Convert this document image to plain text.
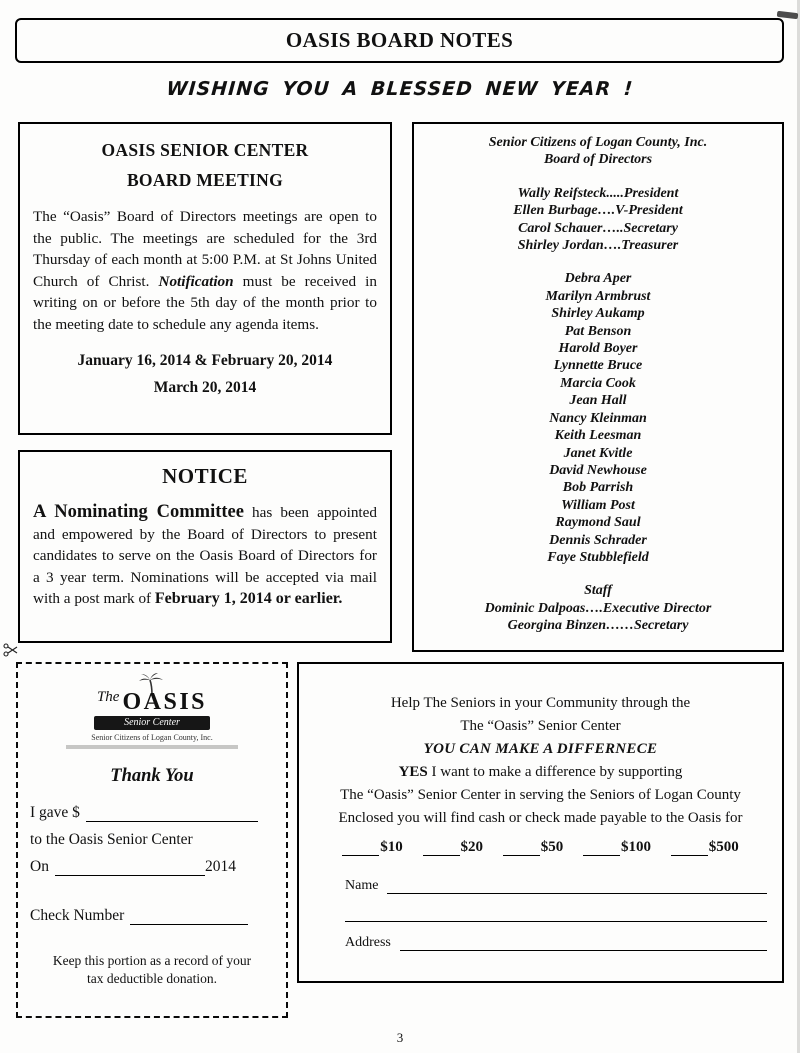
OASIS BOARD NOTES
WISHING YOU A BLESSED NEW YEAR !
OASIS SENIOR CENTER
BOARD MEETING

The “Oasis” Board of Directors meetings are open to the public. The meetings are scheduled for the 3rd Thursday of each month at 5:00 P.M. at St Johns United Church of Christ. Notification must be received in writing on or before the 5th day of the month prior to the meeting date to schedule any agenda items.

January 16, 2014 & February 20, 2014
March 20, 2014
NOTICE

A Nominating Committee has been appointed and empowered by the Board of Directors to present candidates to serve on the Oasis Board of Directors for a 3 year term. Nominations will be accepted via mail with a post mark of February 1, 2014 or earlier.

Senior Citizens of Logan County, Inc.
Board of Directors
Wally Reifsteck.....President
Ellen Burbage….V-President
Carol Schauer…..Secretary
Shirley Jordan….Treasurer
Debra Aper
Marilyn Armbrust
Shirley Aukamp
Pat Benson
Harold Boyer
Lynnette Bruce
Marcia Cook
Jean Hall
Nancy Kleinman
Keith Leesman
Janet Kvitle
David Newhouse
Bob Parrish
William Post
Raymond Saul
Dennis Schrader
Faye Stubblefield
Staff
Dominic Dalpoas….Executive Director
Georgina Binzen……Secretary
The OASIS
Senior Center
Senior Citizens of Logan County, Inc.
Thank You
I gave $
to the Oasis Senior Center
On	2014
Check Number
Keep this portion as a record of your
tax deductible donation.
Help The Seniors in your Community through the
The “Oasis” Senior Center
YOU CAN MAKE A DIFFERNECE
YES I want to make a difference by supporting
The “Oasis” Senior Center in serving the Seniors of Logan County
Enclosed you will find cash or check made payable to the Oasis for
$10	$20	$50	$100	$500
Name
Address
3
